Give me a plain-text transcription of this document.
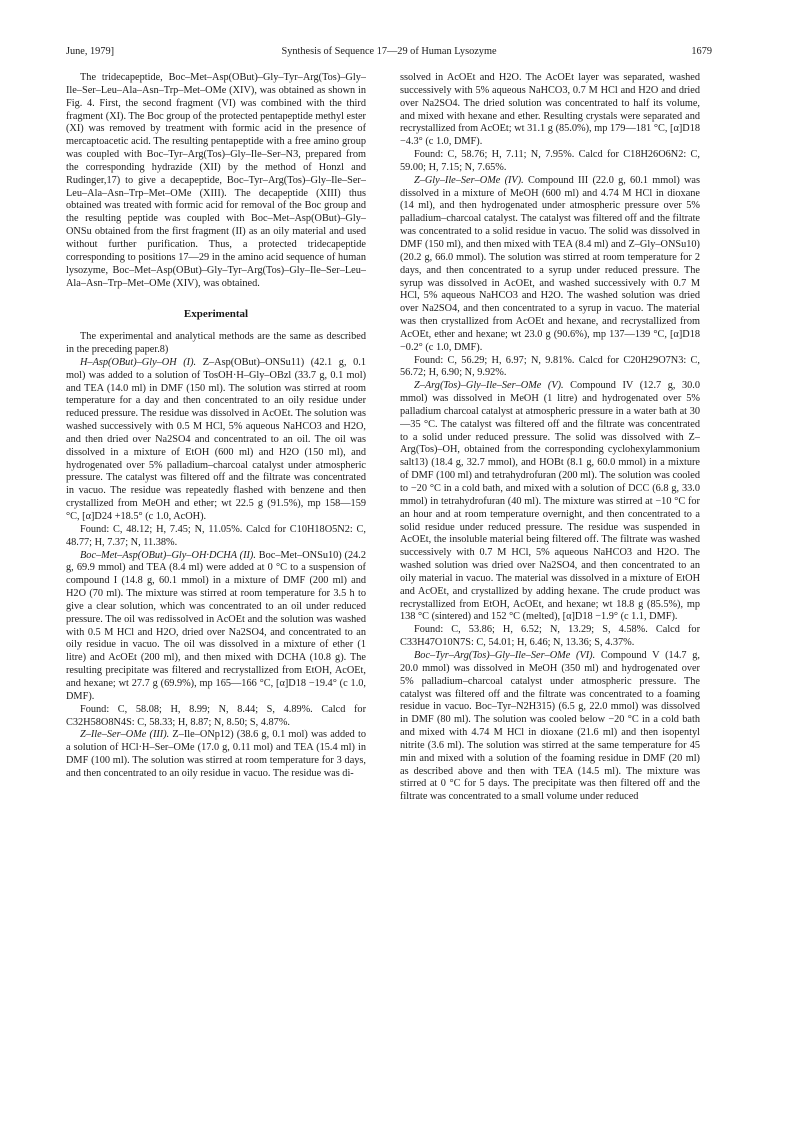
June, 1979]	Synthesis of Sequence 17—29 of Human Lysozyme	1679

The tridecapeptide, Boc–Met–Asp(OBut)–Gly–Tyr–Arg(Tos)–Gly–Ile–Ser–Leu–Ala–Asn–Trp–Met–OMe (XIV), was obtained as shown in Fig. 4. First, the second fragment (VI) was combined with the third fragment (XI). The Boc group of the protected pentapeptide methyl ester (XI) was removed by treatment with formic acid in the presence of mercaptoacetic acid. The resulting pentapeptide with a free amino group was coupled with Boc–Tyr–Arg(Tos)–Gly–Ile–Ser–N3, prepared from the corresponding hydrazide (XII) by the method of Honzl and Rudinger,17) to give a decapeptide, Boc–Tyr–Arg(Tos)–Gly–Ile–Ser–Leu–Ala–Asn–Trp–Met–OMe (XIII). The decapeptide (XIII) thus obtained was treated with formic acid for removal of the Boc group and the resulting peptide was coupled with Boc–Met–Asp(OBut)–Gly–ONSu obtained from the first fragment (II) as an oily material and used without further purification. Thus, a protected tridecapeptide corresponding to positions 17—29 in the amino acid sequence of human lysozyme, Boc–Met–Asp(OBut)–Gly–Tyr–Arg(Tos)–Gly–Ile–Ser–Leu–Ala–Asn–Trp–Met–OMe (XIV), was obtained.

Experimental

The experimental and analytical methods are the same as described in the preceding paper.8)

H–Asp(OBut)–Gly–OH (I). Z–Asp(OBut)–ONSu11) (42.1 g, 0.1 mol) was added to a solution of TosOH·H–Gly–OBzl (33.7 g, 0.1 mol) and TEA (14.0 ml) in DMF (150 ml). The solution was stirred at room temperature for a day and then concentrated to an oily residue under reduced pressure. The residue was dissolved in AcOEt. The solution was washed successively with 0.5 M HCl, 5% aqueous NaHCO3 and H2O, and then dried over Na2SO4 and concentrated to an oil. The oil was dissolved in a mixture of EtOH (600 ml) and H2O (150 ml), and hydrogenated over 5% palladium–charcoal catalyst under atmospheric pressure. The catalyst was filtered off and the filtrate was concentrated in vacuo. The residue was repeatedly flashed with benzene and then crystallized from MeOH and ether; wt 22.5 g (91.5%), mp 158—159 °C, [α]D24 +18.5° (c 1.0, AcOH).

Found: C, 48.12; H, 7.45; N, 11.05%. Calcd for C10H18O5N2: C, 48.77; H, 7.37; N, 11.38%.

Boc–Met–Asp(OBut)–Gly–OH·DCHA (II). Boc–Met–ONSu10) (24.2 g, 69.9 mmol) and TEA (8.4 ml) were added at 0 °C to a suspension of compound I (14.8 g, 60.1 mmol) in a mixture of DMF (200 ml) and H2O (70 ml). The mixture was stirred at room temperature for 3.5 h to give a clear solution, which was concentrated to an oil under reduced pressure. The oil was redissolved in AcOEt and the solution was washed with 0.5 M HCl and H2O, dried over Na2SO4, and concentrated to an oily residue in vacuo. The oil was dissolved in a mixture of ether (1 litre) and AcOEt (200 ml), and then mixed with DCHA (10.8 g). The resulting precipitate was filtered and recrystallized from EtOH, AcOEt, and hexane; wt 27.7 g (69.9%), mp 165—166 °C, [α]D18 −19.4° (c 1.0, DMF).

Found: C, 58.08; H, 8.99; N, 8.44; S, 4.89%. Calcd for C32H58O8N4S: C, 58.33; H, 8.87; N, 8.50; S, 4.87%.

Z–Ile–Ser–OMe (III). Z–Ile–ONp12) (38.6 g, 0.1 mol) was added to a solution of HCl·H–Ser–OMe (17.0 g, 0.11 mol) and TEA (15.4 ml) in DMF (100 ml). The solution was stirred at room temperature for 3 days, and then concentrated to an oily residue in vacuo. The residue was di-

ssolved in AcOEt and H2O. The AcOEt layer was separated, washed successively with 5% aqueous NaHCO3, 0.7 M HCl and H2O and dried over Na2SO4. The dried solution was concentrated to half its volume, and mixed with hexane and ether. Resulting crystals were separated and recrystallized from AcOEt; wt 31.1 g (85.0%), mp 179—181 °C, [α]D18 −4.3° (c 1.0, DMF).

Found: C, 58.76; H, 7.11; N, 7.95%. Calcd for C18H26O6N2: C, 59.00; H, 7.15; N, 7.65%.

Z–Gly–Ile–Ser–OMe (IV). Compound III (22.0 g, 60.1 mmol) was dissolved in a mixture of MeOH (600 ml) and 4.74 M HCl in dioxane (14 ml), and then hydrogenated under atmospheric pressure over 5% palladium–charcoal catalyst. The catalyst was filtered off and the filtrate was concentrated to a solid residue in vacuo. The solid was dissolved in DMF (150 ml), and then mixed with TEA (8.4 ml) and Z–Gly–ONSu10) (20.2 g, 66.0 mmol). The solution was stirred at room temperature for 2 days, and then concentrated to a syrup under reduced pressure. The syrup was dissolved in AcOEt, and washed successively with 0.7 M HCl, 5% aqueous NaHCO3 and H2O. The washed solution was dried over Na2SO4, and then concentrated to a syrup in vacuo. The material was then crystallized from AcOEt and hexane, and recrystallized from AcOEt, ether and hexane; wt 23.0 g (90.6%), mp 137—139 °C, [α]D18 −0.2° (c 1.0, DMF).

Found: C, 56.29; H, 6.97; N, 9.81%. Calcd for C20H29O7N3: C, 56.72; H, 6.90; N, 9.92%.

Z–Arg(Tos)–Gly–Ile–Ser–OMe (V). Compound IV (12.7 g, 30.0 mmol) was dissolved in MeOH (1 litre) and hydrogenated over 5% palladium charcoal catalyst at atmospheric pressure in a water bath at 30—35 °C. The catalyst was filtered off and the filtrate was concentrated to a solid under reduced pressure. The solid was dissolved with Z–Arg(Tos)–OH, obtained from the corresponding cyclohexylammonium salt13) (18.4 g, 32.7 mmol), and HOBt (8.1 g, 60.0 mmol) in a mixture of DMF (100 ml) and tetrahydrofuran (200 ml). The solution was cooled to −20 °C in a cold bath, and mixed with a solution of DCC (6.8 g, 33.0 mmol) in tetrahydrofuran (40 ml). The mixture was stirred at −10 °C for an hour and at room temperature overnight, and then concentrated to a solid residue under reduced pressure. The residue was suspended in AcOEt, the insoluble material being filtered off. The filtrate was washed successively with 0.7 M HCl, 5% aqueous NaHCO3 and H2O. The washed solution was dried over Na2SO4, and then concentrated to an oily material in vacuo. The material was dissolved in a mixture of EtOH and AcOEt, and crystallized by adding hexane. The crude product was recrystallized from EtOH, AcOEt, and hexane; wt 18.8 g (85.5%), mp 138 °C (sintered) and 152 °C (melted), [α]D18 −1.9° (c 1.1, DMF).

Found: C, 53.86; H, 6.52; N, 13.29; S, 4.58%. Calcd for C33H47O10N7S: C, 54.01; H, 6.46; N, 13.36; S, 4.37%.

Boc–Tyr–Arg(Tos)–Gly–Ile–Ser–OMe (VI). Compound V (14.7 g, 20.0 mmol) was dissolved in MeOH (350 ml) and hydrogenated over 5% palladium–charcoal catalyst under atmospheric pressure. The catalyst was filtered off and the filtrate was concentrated to a foaming residue in vacuo. Boc–Tyr–N2H315) (6.5 g, 22.0 mmol) was dissolved in DMF (80 ml). The solution was cooled below −20 °C in a cold bath and mixed with 4.74 M HCl in dioxane (21.6 ml) and then isopentyl nitrite (3.6 ml). The solution was stirred at the same temperature for 45 min and mixed with a solution of the foaming residue in DMF (20 ml) as described above and then with TEA (14.5 ml). The mixture was stirred at 0 °C for 5 days. The precipitate was then filtered off and the filtrate was concentrated to a small volume under reduced
